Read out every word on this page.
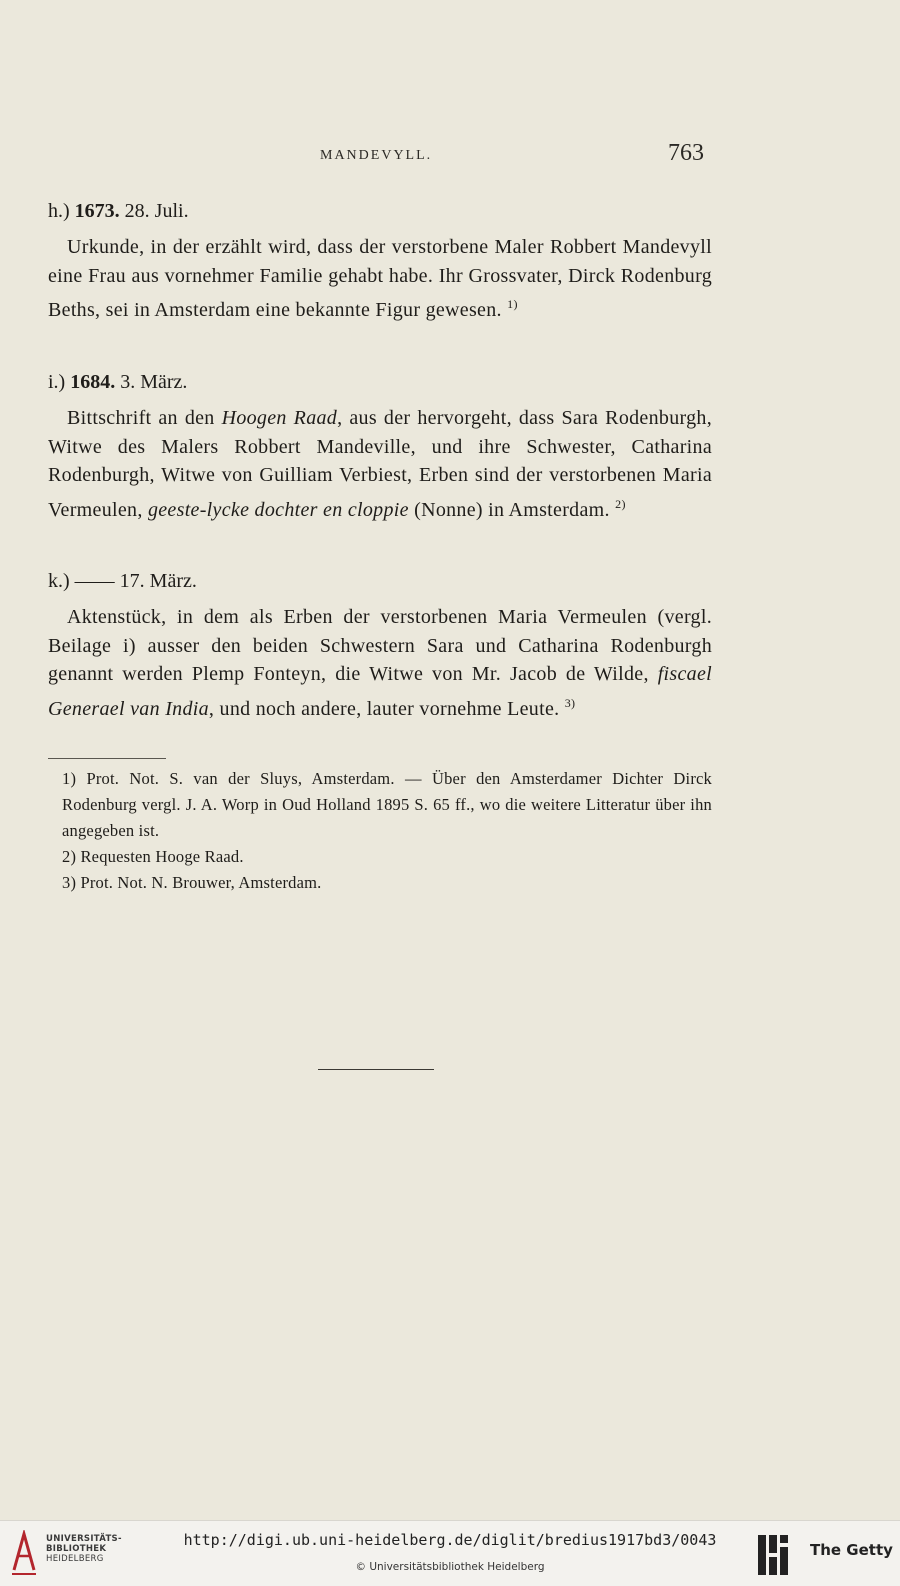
MANDEVYLL.	763
h.) 1673. 28. Juli.

Urkunde, in der erzählt wird, dass der verstorbene Maler Robbert Mandevyll eine Frau aus vornehmer Familie gehabt habe. Ihr Grossvater, Dirck Rodenburg Beths, sei in Amsterdam eine bekannte Figur gewesen. $^{1)}$

i.) 1684. 3. März.

Bittschrift an den Hoogen Raad, aus der hervorgeht, dass Sara Rodenburgh, Witwe des Malers Robbert Mandeville, und ihre Schwester, Catharina Rodenburgh, Witwe von Guilliam Verbiest, Erben sind der verstorbenen Maria Vermeulen, geeste-lycke dochter en cloppie (Nonne) in Amsterdam. $^{2)}$

k.) —— 17. März.

Aktenstück, in dem als Erben der verstorbenen Maria Vermeulen (vergl. Beilage i) ausser den beiden Schwestern Sara und Catharina Rodenburgh genannt werden Plemp Fonteyn, die Witwe von Mr. Jacob de Wilde, fiscael Generael van India, und noch andere, lauter vornehme Leute. $^{3)}$

1) Prot. Not. S. van der Sluys, Amsterdam. — Über den Amsterdamer Dichter Dirck Rodenburg vergl. J. A. Worp in Oud Holland 1895 S. 65 ff., wo die weitere Litteratur über ihn angegeben ist.

2) Requesten Hooge Raad.

3) Prot. Not. N. Brouwer, Amsterdam.

UNIVERSITÄTS-
BIBLIOTHEK
HEIDELBERG
http://digi.ub.uni-heidelberg.de/diglit/bredius1917bd3/0043
© Universitätsbibliothek Heidelberg
The Getty
